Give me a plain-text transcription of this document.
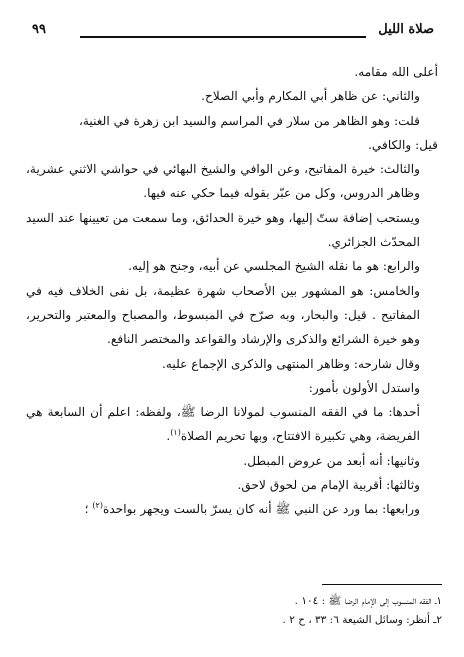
صلاة الليل
٩٩

أعلى الله مقامه.

والثاني: عن ظاهر أبي المكارم وأبي الصلاح.

قلت: وهو الظاهر من سلار في المراسم والسيد ابن زهرة في الغنية،

قيل: والكافي.

والثالث: خيرة المفاتيح، وعن الوافي والشيخ البهائي في حواشي الاثني عشرية، وظاهر الدروس، وكل من عبّر بقوله فيما حكي عنه فيها.

ويستحب إضافة ستّ إليها، وهو خيرة الحدائق، وما سمعت من تعيينها عند السيد المحدّث الجزائري.

والرابع: هو ما نقله الشيخ المجلسي عن أبيه، وجنح هو إليه.

والخامس: هو المشهور بين الأصحاب شهرة عظيمة، بل نفى الخلاف فيه في المفاتيح . قيل: والبحار، وبه صرّح في المبسوط، والمصباح والمعتبر والتحرير، وهو خيرة الشرائع والذكرى والإرشاد والقواعد والمختصر النافع.

وقال شارحه: وظاهر المنتهى والذكرى الإجماع عليه.

واستدل الأولون بأمور:

أحدها: ما في الفقه المنسوب لمولانا الرضا ﷺ، ولفظه: اعلم أن السابعة هي الفريضة، وهي تكبيرة الافتتاح، وبها تحريم الصلاة$^{(١)}$.

وثانيها: أنه أبعد من عروض المبطل.

وثالثها: أقربية الإمام من لحوق لاحق.

ورابعها: بما ورد عن النبي ﷺ أنه كان يسرّ بالست ويجهر بواحدة$^{(٢)}$ ؛

١ـ الفقه المنسوب إلى الإمام الرضا ﷺ : ١٠٤ .

٢ـ أنظر: وسائل الشيعة ٦: ٣٣ ، ح ٢ .
